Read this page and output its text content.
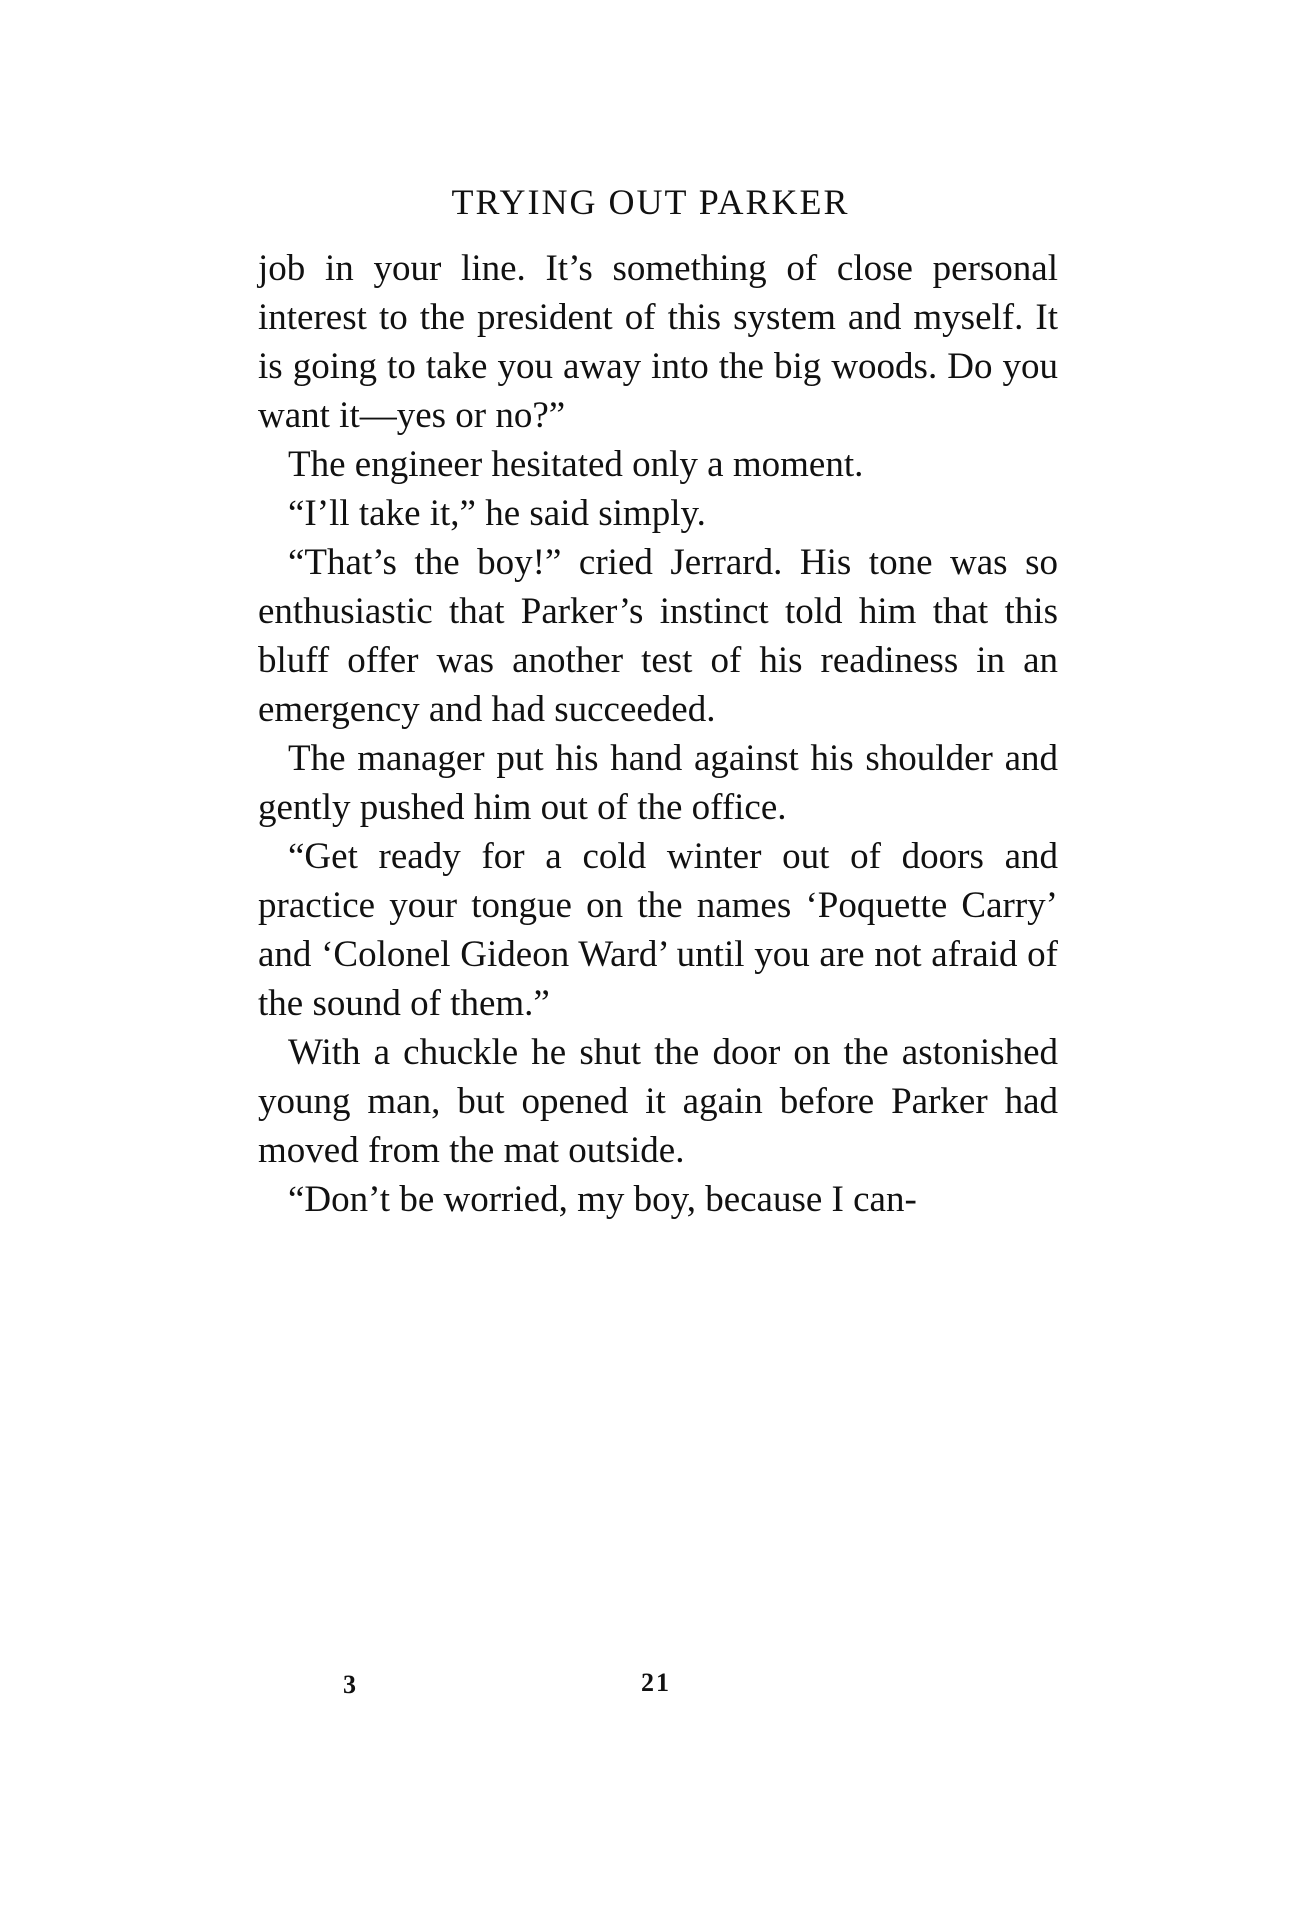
TRYING OUT PARKER

job in your line. It’s something of close personal interest to the president of this system and myself. It is going to take you away into the big woods. Do you want it—yes or no?”

The engineer hesitated only a moment.

“I’ll take it,” he said simply.

“That’s the boy!” cried Jerrard. His tone was so enthusiastic that Parker’s instinct told him that this bluff offer was another test of his readiness in an emergency and had succeeded.

The manager put his hand against his shoulder and gently pushed him out of the office.

“Get ready for a cold winter out of doors and practice your tongue on the names ‘Poquette Carry’ and ‘Colonel Gideon Ward’ until you are not afraid of the sound of them.”

With a chuckle he shut the door on the astonished young man, but opened it again before Parker had moved from the mat outside.

“Don’t be worried, my boy, because I can-

3	21
